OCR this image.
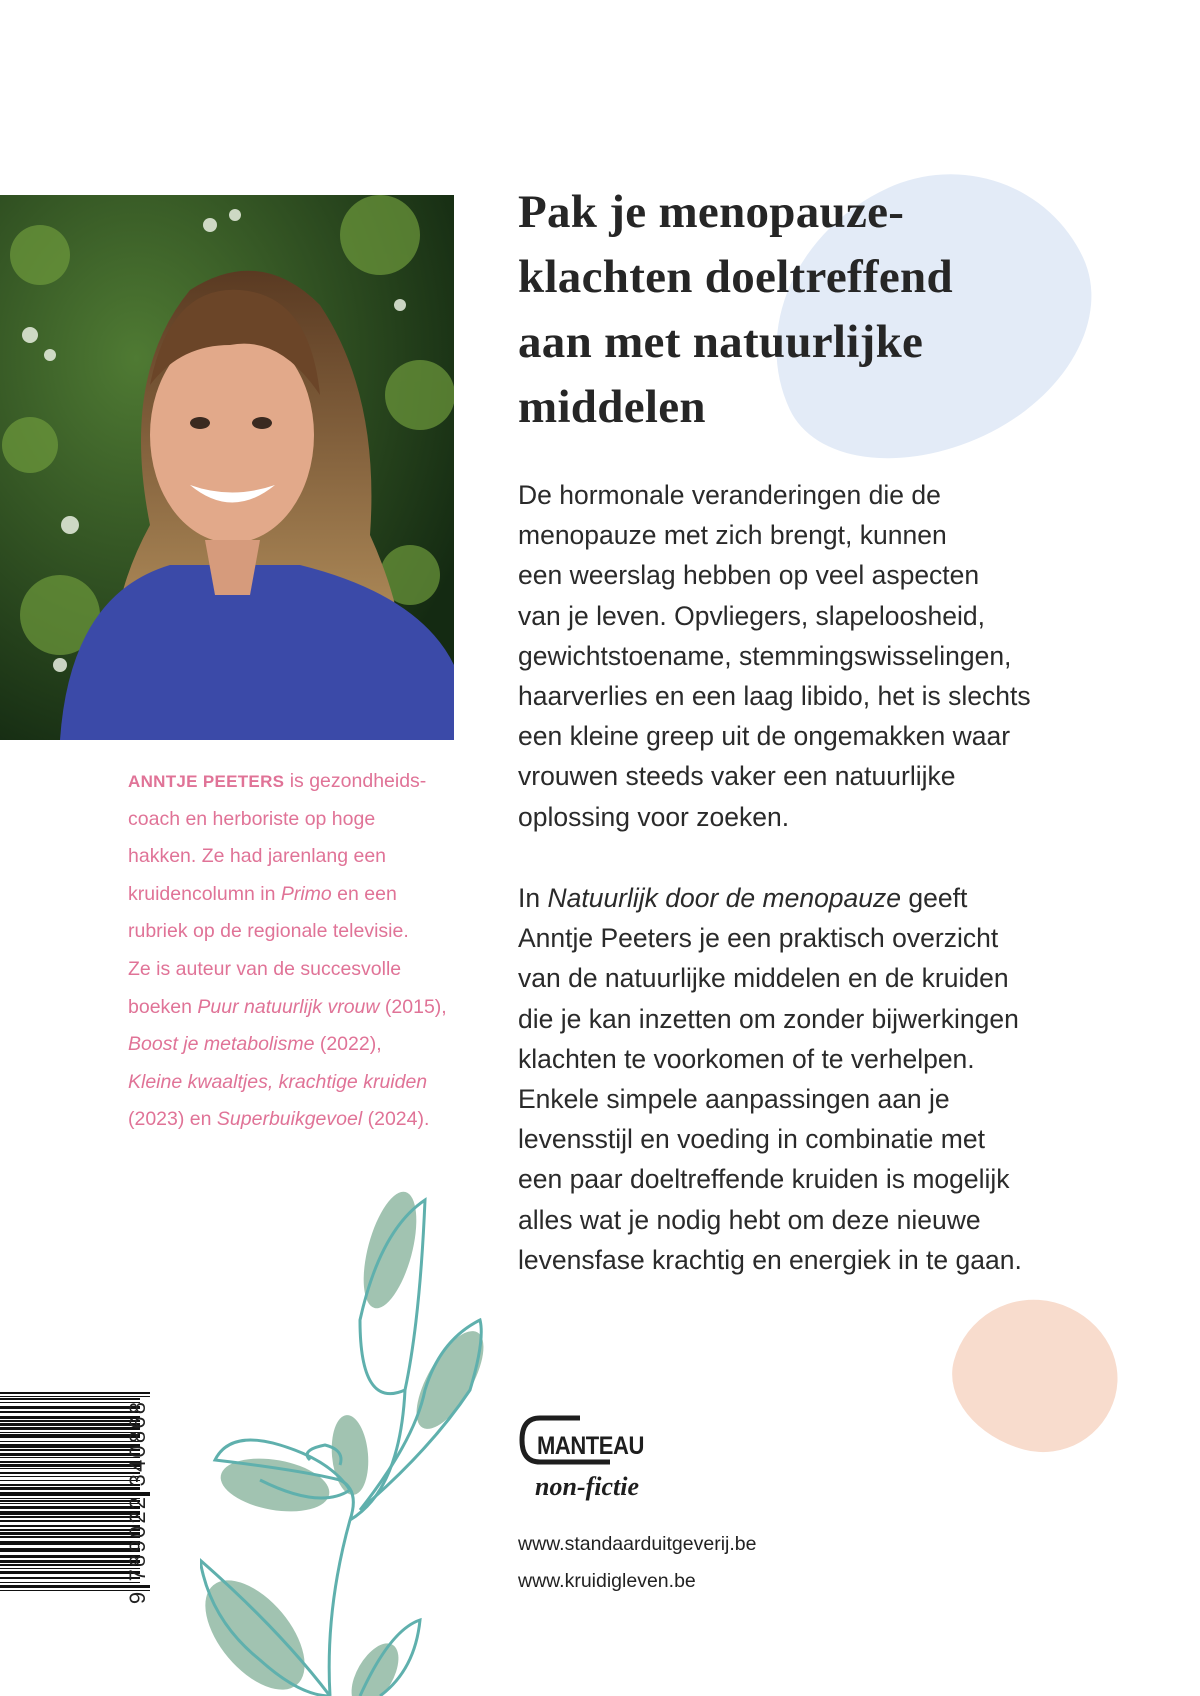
Pak je menopauze-
klachten doeltreffend
aan met natuurlijke
middelen

De hormonale veranderingen die de
menopauze met zich brengt, kunnen
een weerslag hebben op veel aspecten
van je leven. Opvliegers, slapeloosheid,
gewichtstoename, stemmingswisselingen,
haarverlies en een laag libido, het is slechts
een kleine greep uit de ongemakken waar
vrouwen steeds vaker een natuurlijke
oplossing voor zoeken.

In Natuurlijk door de menopauze geeft
Anntje Peeters je een praktisch overzicht
van de natuurlijke middelen en de kruiden
die je kan inzetten om zonder bijwerkingen
klachten te voorkomen of te verhelpen.
Enkele simpele aanpassingen aan je
levensstijl en voeding in combinatie met
een paar doeltreffende kruiden is mogelijk
alles wat je nodig hebt om deze nieuwe
levensfase krachtig en energiek in te gaan.

ANNTJE PEETERS is gezondheids-
coach en herboriste op hoge
hakken. Ze had jarenlang een
kruidencolumn in Primo en een
rubriek op de regionale televisie.
Ze is auteur van de succesvolle
boeken Puur natuurlijk vrouw (2015),
Boost je metabolisme (2022),
Kleine kwaaltjes, krachtige kruiden
(2023) en Superbuikgevoel (2024).

9 789022 340868	MANTEAU
non-fictie
www.standaarduitgeverij.be
www.kruidigleven.be
